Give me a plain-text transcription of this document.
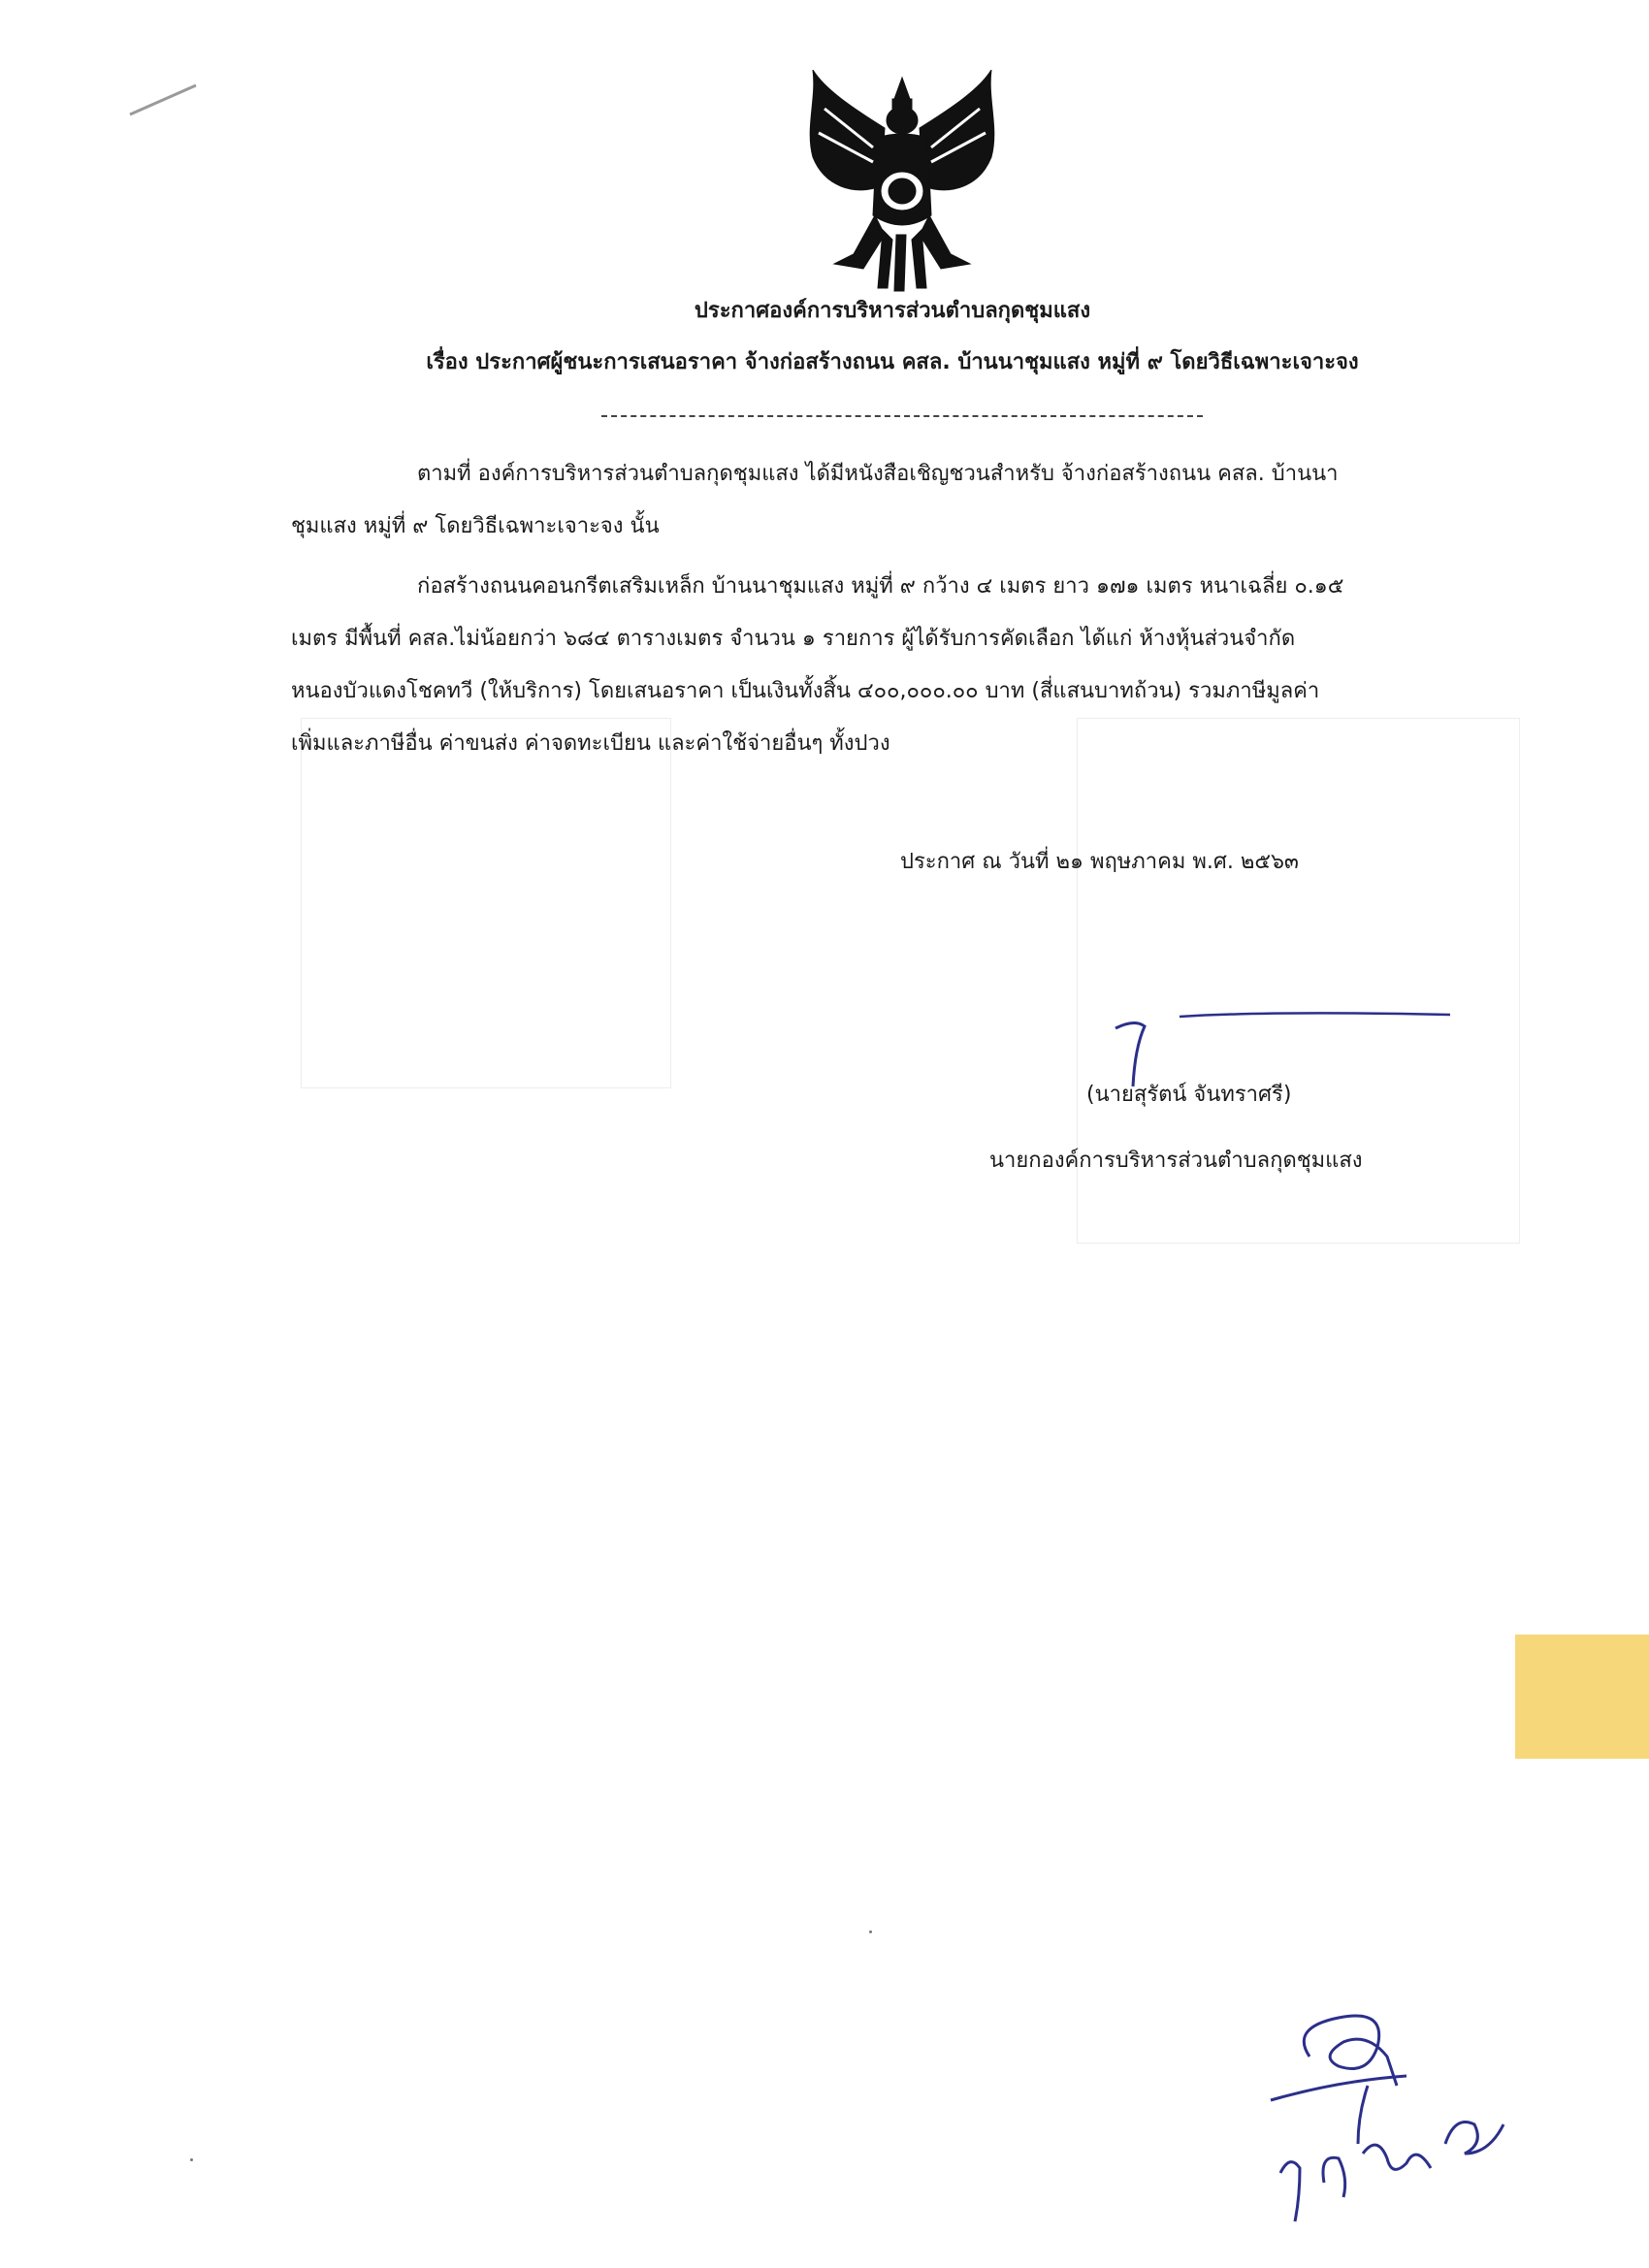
ประกาศองค์การบริหารส่วนตำบลกุดชุมแสง
เรื่อง ประกาศผู้ชนะการเสนอราคา จ้างก่อสร้างถนน คสล. บ้านนาชุมแสง หมู่ที่ ๙ โดยวิธีเฉพาะเจาะจง
ตามที่ องค์การบริหารส่วนตำบลกุดชุมแสง ได้มีหนังสือเชิญชวนสำหรับ จ้างก่อสร้างถนน คสล. บ้านนา
ชุมแสง หมู่ที่ ๙ โดยวิธีเฉพาะเจาะจง นั้น
ก่อสร้างถนนคอนกรีตเสริมเหล็ก บ้านนาชุมแสง หมู่ที่ ๙ กว้าง ๔ เมตร ยาว ๑๗๑ เมตร หนาเฉลี่ย ๐.๑๕
เมตร มีพื้นที่ คสล.ไม่น้อยกว่า ๖๘๔ ตารางเมตร จำนวน ๑ รายการ ผู้ได้รับการคัดเลือก ได้แก่ ห้างหุ้นส่วนจำกัด
หนองบัวแดงโชคทวี (ให้บริการ) โดยเสนอราคา เป็นเงินทั้งสิ้น ๔๐๐,๐๐๐.๐๐ บาท (สี่แสนบาทถ้วน) รวมภาษีมูลค่า
เพิ่มและภาษีอื่น ค่าขนส่ง ค่าจดทะเบียน และค่าใช้จ่ายอื่นๆ ทั้งปวง
ประกาศ ณ วันที่ ๒๑ พฤษภาคม พ.ศ. ๒๕๖๓
(นายสุรัตน์ จันทราศรี)
นายกองค์การบริหารส่วนตำบลกุดชุมแสง
